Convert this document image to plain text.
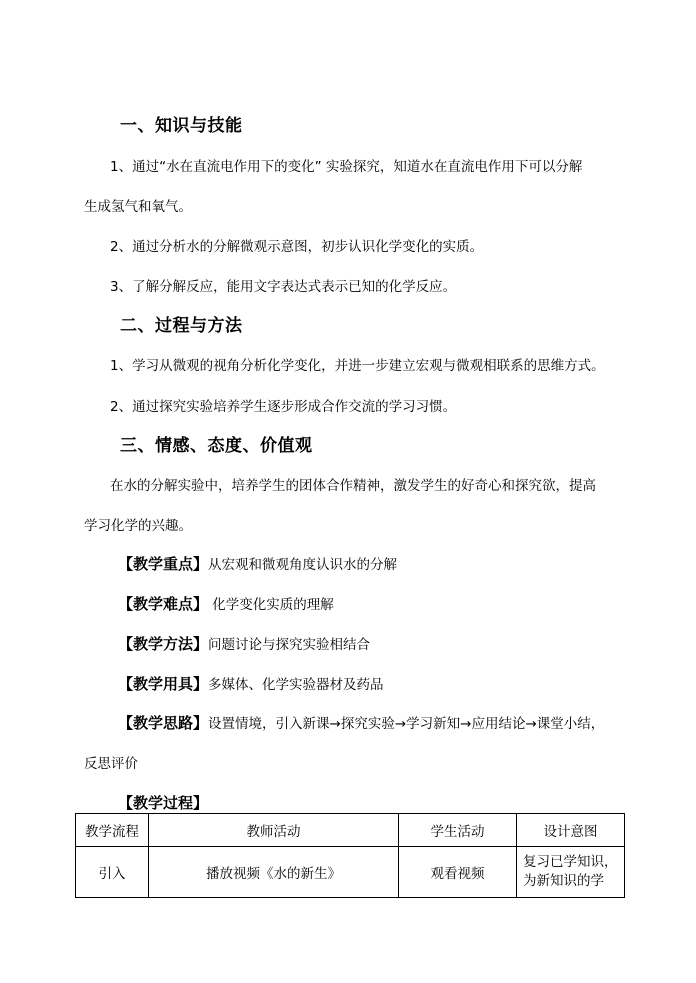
一、知识与技能
1、通过“水在直流电作用下的变化” 实验探究，知道水在直流电作用下可以分解
生成氢气和氧气。
2、通过分析水的分解微观示意图，初步认识化学变化的实质。
3、了解分解反应，能用文字表达式表示已知的化学反应。
二、过程与方法
1、学习从微观的视角分析化学变化，并进一步建立宏观与微观相联系的思维方式。
2、通过探究实验培养学生逐步形成合作交流的学习习惯。
三、情感、态度、价值观
在水的分解实验中，培养学生的团体合作精神，激发学生的好奇心和探究欲，提高
学习化学的兴趣。
【教学重点】从宏观和微观角度认识水的分解
【教学难点】 化学变化实质的理解
【教学方法】问题讨论与探究实验相结合
【教学用具】多媒体、化学实验器材及药品
【教学思路】设置情境，引入新课→探究实验→学习新知→应用结论→课堂小结，
反思评价
【教学过程】
教学流程	教师活动	学生活动	设计意图
引入	播放视频《水的新生》	观看视频	复习已学知识，
为新知识的学
